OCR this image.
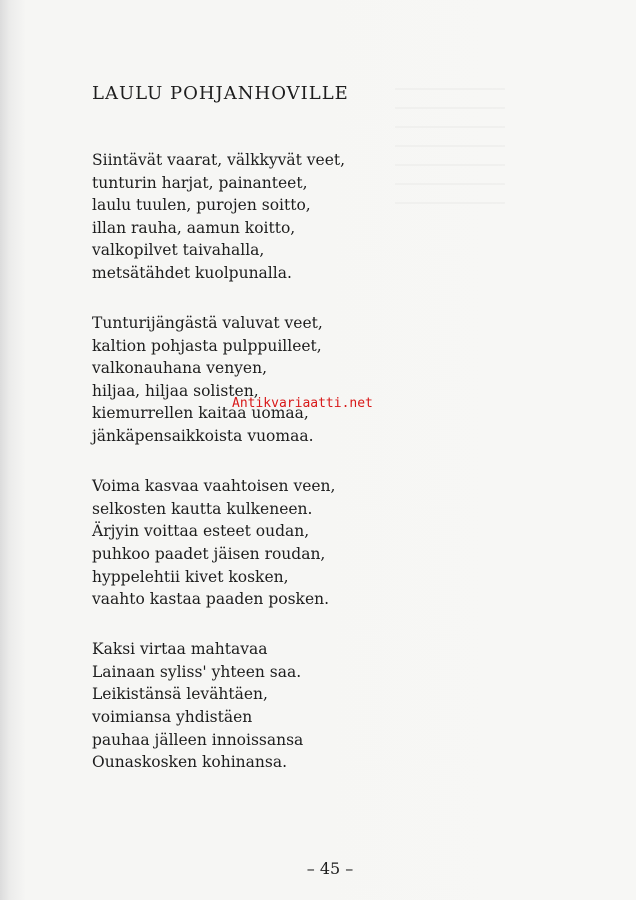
LAULU POHJANHOVILLE
Siintävät vaarat, välkkyvät veet,
tunturin harjat, painanteet,
laulu tuulen, purojen soitto,
illan rauha, aamun koitto,
valkopilvet taivahalla,
metsätähdet kuolpunalla.
Tunturijängästä valuvat veet,
kaltion pohjasta pulppuilleet,
valkonauhana venyen,
hiljaa, hiljaa solisten,
kiemurrellen kaitaa uomaa,
jänkäpensaikkoista vuomaa.
Voima kasvaa vaahtoisen veen,
selkosten kautta kulkeneen.
Ärjyin voittaa esteet oudan,
puhkoo paadet jäisen roudan,
hyppelehtii kivet kosken,
vaahto kastaa paaden posken.
Kaksi virtaa mahtavaa
Lainaan syliss' yhteen saa.
Leikistänsä levähtäen,
voimiansa yhdistäen
pauhaa jälleen innoissansa
Ounaskosken kohinansa.
Antikvariaatti.net
– 45 –
